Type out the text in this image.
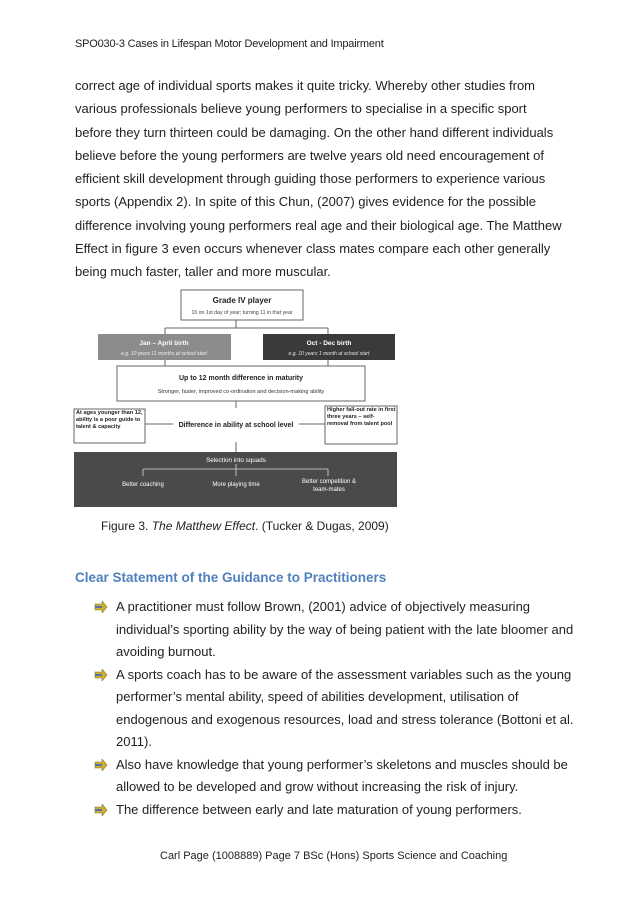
SPO030-3 Cases in Lifespan Motor Development and Impairment

correct age of individual sports makes it quite tricky. Whereby other studies from various professionals believe young performers to specialise in a specific sport before they turn thirteen could be damaging. On the other hand different individuals believe before the young performers are twelve years old need encouragement of efficient skill development through guiding those performers to experience various sports (Appendix 2). In spite of this Chun, (2007) gives evidence for the possible difference involving young performers real age and their biological age. The Matthew Effect in figure 3 even occurs whenever class mates compare each other generally being much faster, taller and more muscular.

Grade IV player
10 on 1st day of year; turning 11 in that year
Jan – April birth
e.g. 10 years 11 months at school start
Oct - Dec birth
e.g. 10 years 1 month at school start
Up to 12 month difference in maturity
Stronger, faster, improved co-ordination and decision-making ability
At ages younger than 12, ability is a poor guide to talent & capacity	Difference in ability at school level
Higher fall-out rate in first three years – self-removal from talent pool
Selection into squads
Better coaching	More playing time	Better competition & team-mates
Figure 3. The Matthew Effect. (Tucker & Dugas, 2009)
Clear Statement of the Guidance to Practitioners
A practitioner must follow Brown, (2001) advice of objectively measuring individual’s sporting ability by the way of being patient with the late bloomer and avoiding burnout.
A sports coach has to be aware of the assessment variables such as the young performer’s mental ability, speed of abilities development, utilisation of endogenous and exogenous resources, load and stress tolerance (Bottoni et al. 2011).
Also have knowledge that young performer’s skeletons and muscles should be allowed to be developed and grow without increasing the risk of injury.
The difference between early and late maturation of young performers.
Carl Page (1008889) Page 7 BSc (Hons) Sports Science and Coaching
